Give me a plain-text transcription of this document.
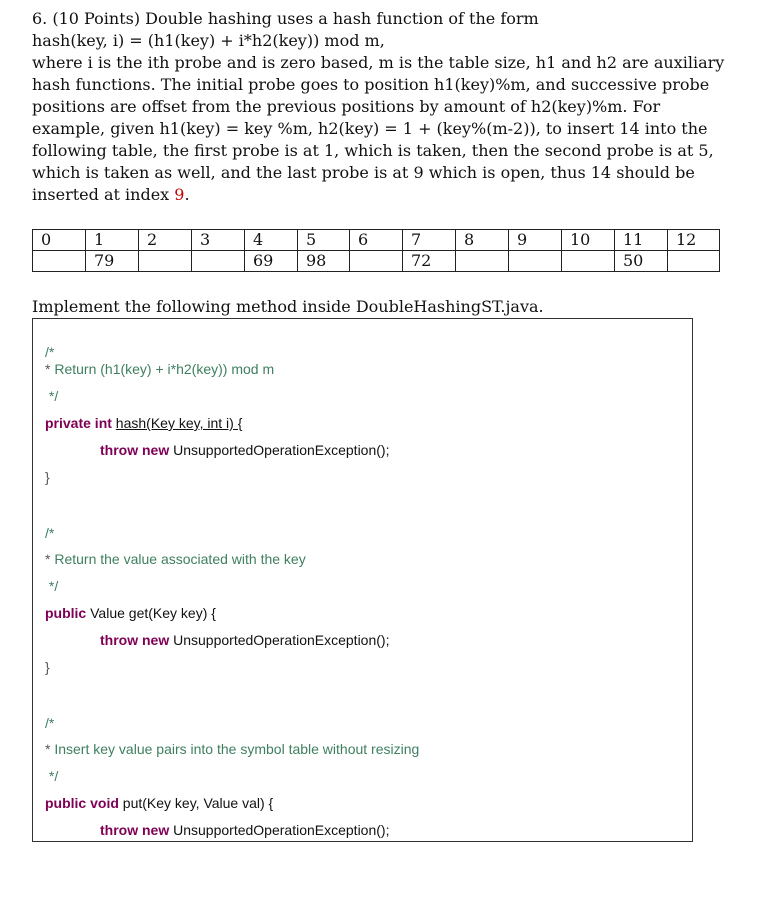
6. (10 Points) Double hashing uses a hash function of the form

hash(key, i) = (h1(key) + i*h2(key)) mod m,

where i is the ith probe and is zero based, m is the table size, h1 and h2 are auxiliary

hash functions. The initial probe goes to position h1(key)%m, and successive probe

positions are offset from the previous positions by amount of h2(key)%m. For

example, given h1(key) = key %m, h2(key) = 1 + (key%(m-2)), to insert 14 into the

following table, the first probe is at 1, which is taken, then the second probe is at 5,

which is taken as well, and the last probe is at 9 which is open, thus 14 should be

inserted at index 9.

0	1	2	3	4	5	6	7	8	9	10	11	12
	79			69	98		72				50	
Implement the following method inside DoubleHashingST.java.
/*
* Return (h1(key) + i*h2(key)) mod m
*/
private int hash(Key key, int i) {
throw new UnsupportedOperationException();
}
/*
* Return the value associated with the key
*/
public Value get(Key key) {
throw new UnsupportedOperationException();
}
/*
* Insert key value pairs into the symbol table without resizing
*/
public void put(Key key, Value val) {
throw new UnsupportedOperationException();
